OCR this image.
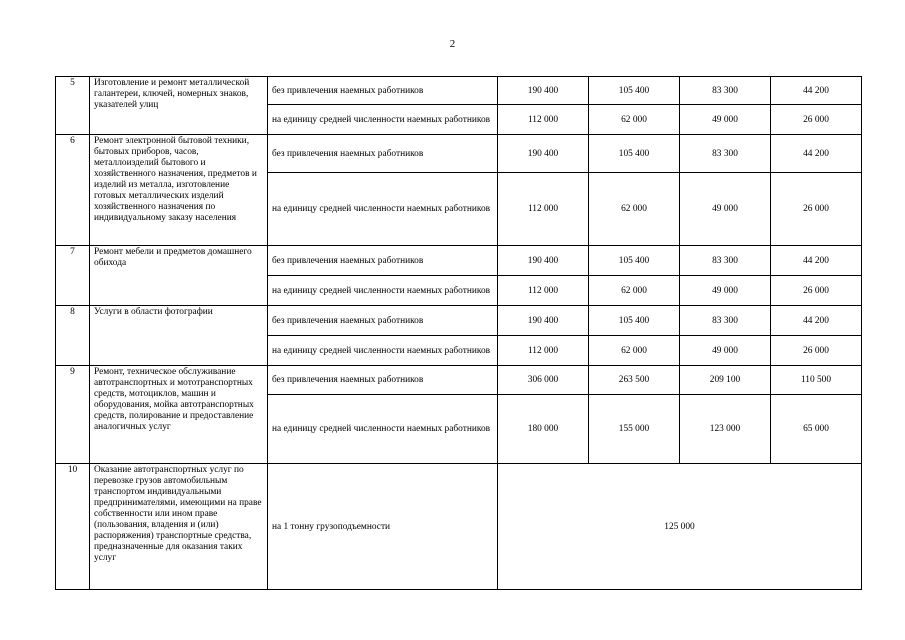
2
5	Изготовление и ремонт металлической галантереи, ключей, номерных знаков, указателей улиц	без привлечения наемных работников	190 400	105 400	83 300	44 200
		на единицу средней численности наемных работников	112 000	62 000	49 000	26 000
6	Ремонт электронной бытовой техники, бытовых приборов, часов, металлоизделий бытового и хозяйственного назначения, предметов и изделий из металла, изготовление готовых металлических изделий хозяйственного назначения по индивидуальному заказу населения	без привлечения наемных работников	190 400	105 400	83 300	44 200
		на единицу средней численности наемных работников	112 000	62 000	49 000	26 000
7	Ремонт мебели и предметов домашнего обихода	без привлечения наемных работников	190 400	105 400	83 300	44 200
		на единицу средней численности наемных работников	112 000	62 000	49 000	26 000
8	Услуги в области фотографии	без привлечения наемных работников	190 400	105 400	83 300	44 200
		на единицу средней численности наемных работников	112 000	62 000	49 000	26 000
9	Ремонт, техническое обслуживание автотранспортных и мототранспортных средств, мотоциклов, машин и оборудования, мойка автотранспортных средств, полирование и предоставление аналогичных услуг	без привлечения наемных работников	306 000	263 500	209 100	110 500
		на единицу средней численности наемных работников	180 000	155 000	123 000	65 000
10	Оказание автотранспортных услуг по перевозке грузов автомобильным транспортом индивидуальными предпринимателями, имеющими на праве собственности или ином праве (пользования, владения и (или) распоряжения) транспортные средства, предназначенные для оказания таких услуг	на 1 тонну грузоподъемности	125 000			
